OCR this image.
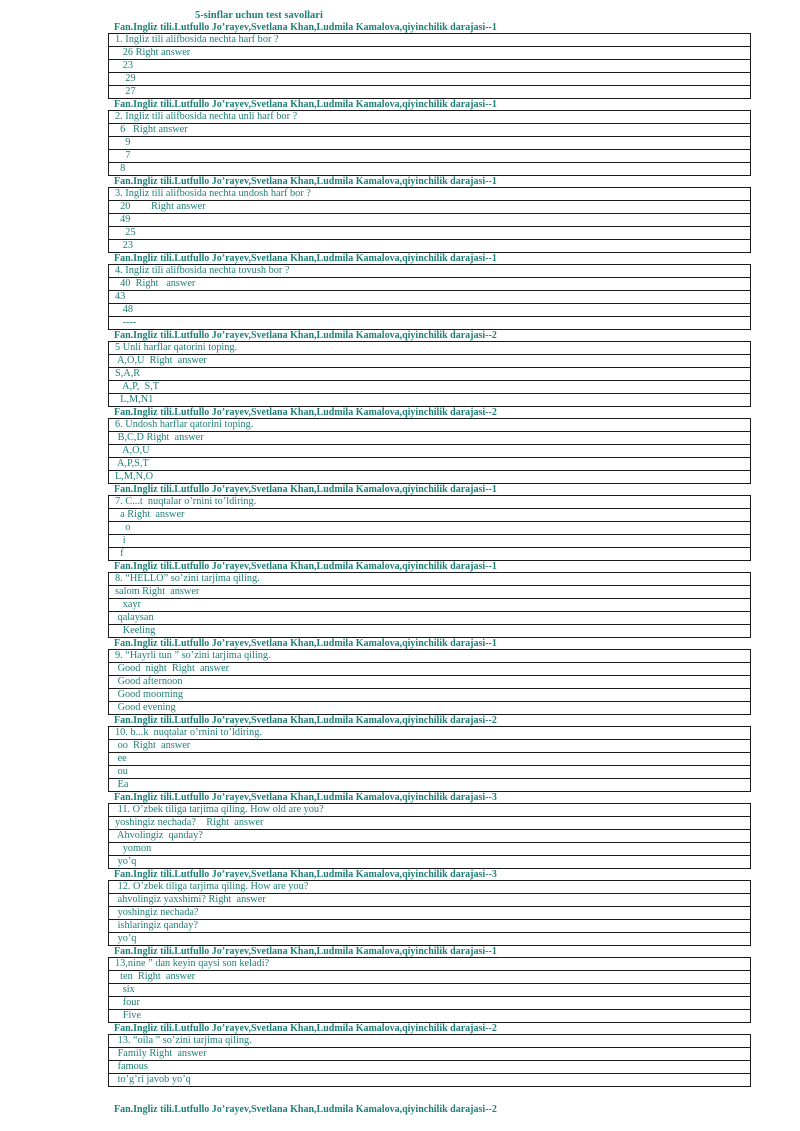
5-sinflar uchun test savollari
Fan.Ingliz tili.Lutfullo Jo’rayev,Svetlana Khan,Ludmila Kamalova,qiyinchilik darajasi--1
1. Ingliz tili alifbosida nechta harf bor ?
26 Right answer
23
29
27
Fan.Ingliz tili.Lutfullo Jo’rayev,Svetlana Khan,Ludmila Kamalova,qiyinchilik darajasi--1
2. Ingliz tili alifbosida nechta unli harf bor ?
6   Right answer
9
7
8
Fan.Ingliz tili.Lutfullo Jo’rayev,Svetlana Khan,Ludmila Kamalova,qiyinchilik darajasi--1
3. Ingliz tili alifbosida nechta undosh harf bor ?
20        Right answer
49
25
23
Fan.Ingliz tili.Lutfullo Jo’rayev,Svetlana Khan,Ludmila Kamalova,qiyinchilik darajasi--1
4. Ingliz tili alifbosida nechta tovush bor ?
40  Right   answer
43
48
----
Fan.Ingliz tili.Lutfullo Jo’rayev,Svetlana Khan,Ludmila Kamalova,qiyinchilik darajasi--2
5 Unli harflar qatorini toping.
A,O,U  Right  answer
S,A,R
A,P,  S,T
L,M,N1
Fan.Ingliz tili.Lutfullo Jo’rayev,Svetlana Khan,Ludmila Kamalova,qiyinchilik darajasi--2
6. Undosh harflar qatorini toping.
B,C,D Right  answer
A,O,U
A,P,S,T
L,M,N,O
Fan.Ingliz tili.Lutfullo Jo’rayev,Svetlana Khan,Ludmila Kamalova,qiyinchilik darajasi--1
7. C...t  nuqtalar o’rnini to’ldiring.
a Right  answer
o
i
f
Fan.Ingliz tili.Lutfullo Jo’rayev,Svetlana Khan,Ludmila Kamalova,qiyinchilik darajasi--1
8. “HELLO” so’zini tarjima qiling.
salom Right  answer
xayr
qalaysan
Keeling
Fan.Ingliz tili.Lutfullo Jo’rayev,Svetlana Khan,Ludmila Kamalova,qiyinchilik darajasi--1
9. “Hayrli tun ” so’zini tarjima qiling.
Good  night  Right  answer
Good afternoon
Good moorning
Good evening
Fan.Ingliz tili.Lutfullo Jo’rayev,Svetlana Khan,Ludmila Kamalova,qiyinchilik darajasi--2
10. b...k  nuqtalar o’rnini to’ldiring.
oo  Right  answer
ee
ou
Ea
Fan.Ingliz tili.Lutfullo Jo’rayev,Svetlana Khan,Ludmila Kamalova,qiyinchilik darajasi--3
11. O’zbek tiliga tarjima qiling. How old are you?
yoshingiz nechada?    Right  answer
Ahvolingiz  qanday?
yomon
yo’q
Fan.Ingliz tili.Lutfullo Jo’rayev,Svetlana Khan,Ludmila Kamalova,qiyinchilik darajasi--3
12. O’zbek tiliga tarjima qiling. How are you?
ahvolingiz yaxshimi? Right  answer
yoshingiz nechada?
ishlaringiz qanday?
yo’q
Fan.Ingliz tili.Lutfullo Jo’rayev,Svetlana Khan,Ludmila Kamalova,qiyinchilik darajasi--1
13,nine ” dan keyin qaysi son keladi?
ten  Right  answer
six
four
Five
Fan.Ingliz tili.Lutfullo Jo’rayev,Svetlana Khan,Ludmila Kamalova,qiyinchilik darajasi--2
13. “oila ” so’zini tarjima qiling.
Family Right  answer
famous
to’g’ri javob yo’q
Fan.Ingliz tili.Lutfullo Jo’rayev,Svetlana Khan,Ludmila Kamalova,qiyinchilik darajasi--2
